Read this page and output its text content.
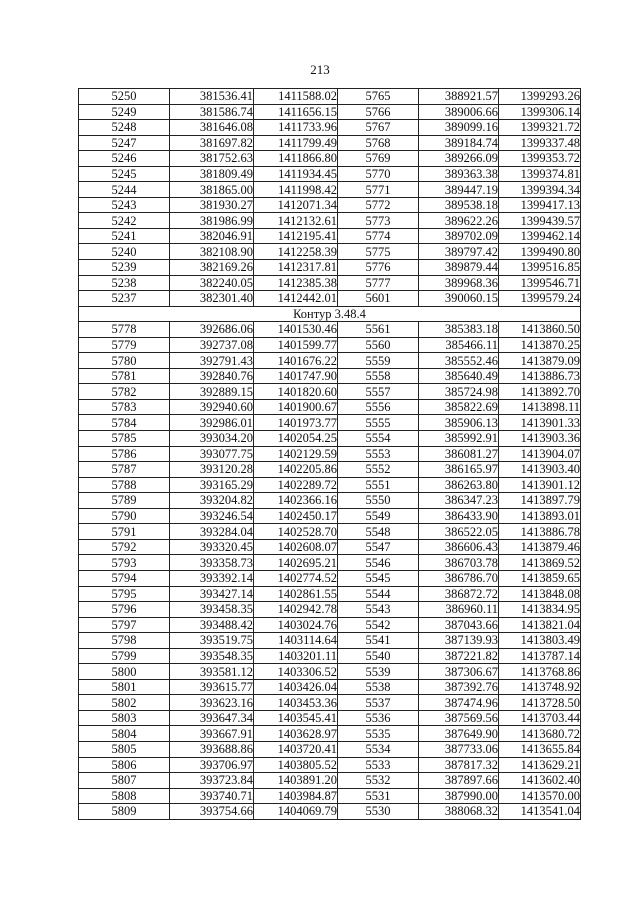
213
5250	381536.41	1411588.02	5765	388921.57	1399293.26
5249	381586.74	1411656.15	5766	389006.66	1399306.14
5248	381646.08	1411733.96	5767	389099.16	1399321.72
5247	381697.82	1411799.49	5768	389184.74	1399337.48
5246	381752.63	1411866.80	5769	389266.09	1399353.72
5245	381809.49	1411934.45	5770	389363.38	1399374.81
5244	381865.00	1411998.42	5771	389447.19	1399394.34
5243	381930.27	1412071.34	5772	389538.18	1399417.13
5242	381986.99	1412132.61	5773	389622.26	1399439.57
5241	382046.91	1412195.41	5774	389702.09	1399462.14
5240	382108.90	1412258.39	5775	389797.42	1399490.80
5239	382169.26	1412317.81	5776	389879.44	1399516.85
5238	382240.05	1412385.38	5777	389968.36	1399546.71
5237	382301.40	1412442.01	5601	390060.15	1399579.24
Контур 3.48.4					
5778	392686.06	1401530.46	5561	385383.18	1413860.50
5779	392737.08	1401599.77	5560	385466.11	1413870.25
5780	392791.43	1401676.22	5559	385552.46	1413879.09
5781	392840.76	1401747.90	5558	385640.49	1413886.73
5782	392889.15	1401820.60	5557	385724.98	1413892.70
5783	392940.60	1401900.67	5556	385822.69	1413898.11
5784	392986.01	1401973.77	5555	385906.13	1413901.33
5785	393034.20	1402054.25	5554	385992.91	1413903.36
5786	393077.75	1402129.59	5553	386081.27	1413904.07
5787	393120.28	1402205.86	5552	386165.97	1413903.40
5788	393165.29	1402289.72	5551	386263.80	1413901.12
5789	393204.82	1402366.16	5550	386347.23	1413897.79
5790	393246.54	1402450.17	5549	386433.90	1413893.01
5791	393284.04	1402528.70	5548	386522.05	1413886.78
5792	393320.45	1402608.07	5547	386606.43	1413879.46
5793	393358.73	1402695.21	5546	386703.78	1413869.52
5794	393392.14	1402774.52	5545	386786.70	1413859.65
5795	393427.14	1402861.55	5544	386872.72	1413848.08
5796	393458.35	1402942.78	5543	386960.11	1413834.95
5797	393488.42	1403024.76	5542	387043.66	1413821.04
5798	393519.75	1403114.64	5541	387139.93	1413803.49
5799	393548.35	1403201.11	5540	387221.82	1413787.14
5800	393581.12	1403306.52	5539	387306.67	1413768.86
5801	393615.77	1403426.04	5538	387392.76	1413748.92
5802	393623.16	1403453.36	5537	387474.96	1413728.50
5803	393647.34	1403545.41	5536	387569.56	1413703.44
5804	393667.91	1403628.97	5535	387649.90	1413680.72
5805	393688.86	1403720.41	5534	387733.06	1413655.84
5806	393706.97	1403805.52	5533	387817.32	1413629.21
5807	393723.84	1403891.20	5532	387897.66	1413602.40
5808	393740.71	1403984.87	5531	387990.00	1413570.00
5809	393754.66	1404069.79	5530	388068.32	1413541.04
